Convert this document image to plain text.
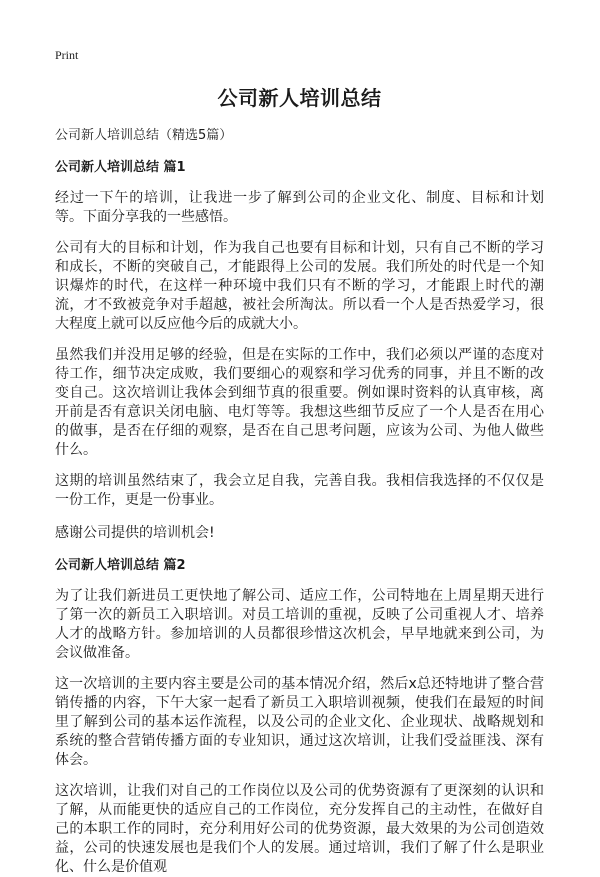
Print
公司新人培训总结

公司新人培训总结（精选5篇）

公司新人培训总结 篇1

经过一下午的培训，让我进一步了解到公司的企业文化、制度、目标和计划等。下面分享我的一些感悟。

公司有大的目标和计划，作为我自己也要有目标和计划，只有自己不断的学习和成长，不断的突破自己，才能跟得上公司的发展。我们所处的时代是一个知识爆炸的时代，在这样一种环境中我们只有不断的学习，才能跟上时代的潮流，才不致被竞争对手超越，被社会所淘汰。所以看一个人是否热爱学习，很大程度上就可以反应他今后的成就大小。

虽然我们并没用足够的经验，但是在实际的工作中，我们必须以严谨的态度对待工作，细节决定成败，我们要细心的观察和学习优秀的同事，并且不断的改变自己。这次培训让我体会到细节真的很重要。例如课时资料的认真审核，离开前是否有意识关闭电脑、电灯等等。我想这些细节反应了一个人是否在用心的做事，是否在仔细的观察，是否在自己思考问题，应该为公司、为他人做些什么。

这期的培训虽然结束了，我会立足自我，完善自我。我相信我选择的不仅仅是一份工作，更是一份事业。

感谢公司提供的培训机会!

公司新人培训总结 篇2

为了让我们新进员工更快地了解公司、适应工作，公司特地在上周星期天进行了第一次的新员工入职培训。对员工培训的重视，反映了公司重视人才、培养人才的战略方针。参加培训的人员都很珍惜这次机会，早早地就来到公司，为会议做准备。

这一次培训的主要内容主要是公司的基本情况介绍，然后x总还特地讲了整合营销传播的内容，下午大家一起看了新员工入职培训视频，使我们在最短的时间里了解到公司的基本运作流程，以及公司的企业文化、企业现状、战略规划和系统的整合营销传播方面的专业知识，通过这次培训，让我们受益匪浅、深有体会。

这次培训，让我们对自己的工作岗位以及公司的优势资源有了更深刻的认识和了解，从而能更快的适应自己的工作岗位，充分发挥自己的主动性，在做好自己的本职工作的同时，充分利用好公司的优势资源，最大效果的为公司创造效益，公司的快速发展也是我们个人的发展。通过培训，我们了解了什么是职业化、什么是价值观
